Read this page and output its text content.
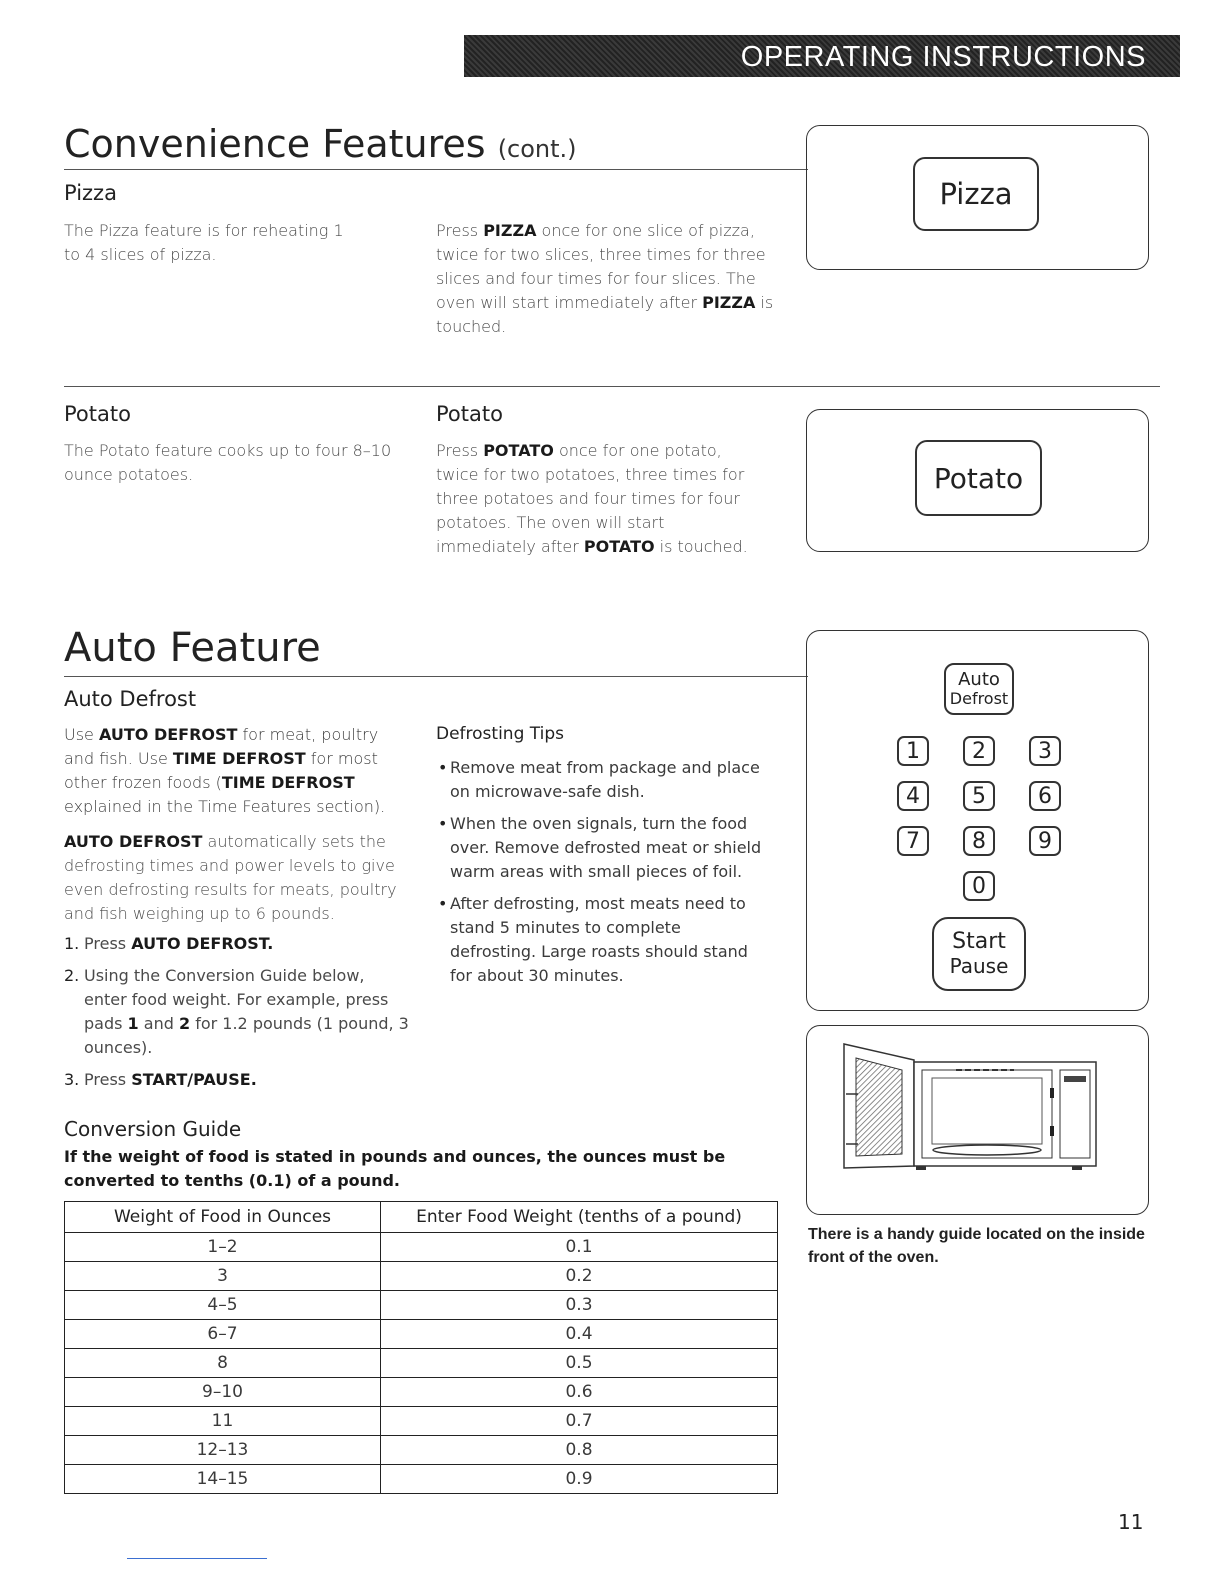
OPERATING INSTRUCTIONS
Convenience Features (cont.)
Pizza
The Pizza feature is for reheating 1 to 4 slices of pizza.
Press PIZZA once for one slice of pizza, twice for two slices, three times for three slices and four times for four slices. The oven will start immediately after PIZZA is touched.
Pizza
Potato	Potato
The Potato feature cooks up to four 8–10 ounce potatoes.
Press POTATO once for one potato, twice for two potatoes, three times for three potatoes and four times for four potatoes. The oven will start immediately after POTATO is touched.
Potato
Auto Feature
Auto Defrost
Use AUTO DEFROST for meat, poultry and fish. Use TIME DEFROST for most other frozen foods (TIME DEFROST explained in the Time Features section).
AUTO DEFROST automatically sets the defrosting times and power levels to give even defrosting results for meats, poultry and fish weighing up to 6 pounds.
1. Press AUTO DEFROST.
2. Using the Conversion Guide below, enter food weight. For example, press pads 1 and 2 for 1.2 pounds (1 pound, 3 ounces).
3. Press START/PAUSE.
Defrosting Tips
• Remove meat from package and place on microwave-safe dish.
• When the oven signals, turn the food over. Remove defrosted meat or shield warm areas with small pieces of foil.
• After defrosting, most meats need to stand 5 minutes to complete defrosting. Large roasts should stand for about 30 minutes.
Auto
Defrost
1	2	3
4	5	6
7	8	9
0
Start
Pause
There is a handy guide located on the inside front of the oven.
Conversion Guide
If the weight of food is stated in pounds and ounces, the ounces must be converted to tenths (0.1) of a pound.
Weight of Food in Ounces	Enter Food Weight (tenths of a pound)
1–2	0.1
3	0.2
4–5	0.3
6–7	0.4
8	0.5
9–10	0.6
11	0.7
12–13	0.8
14–15	0.9
11
